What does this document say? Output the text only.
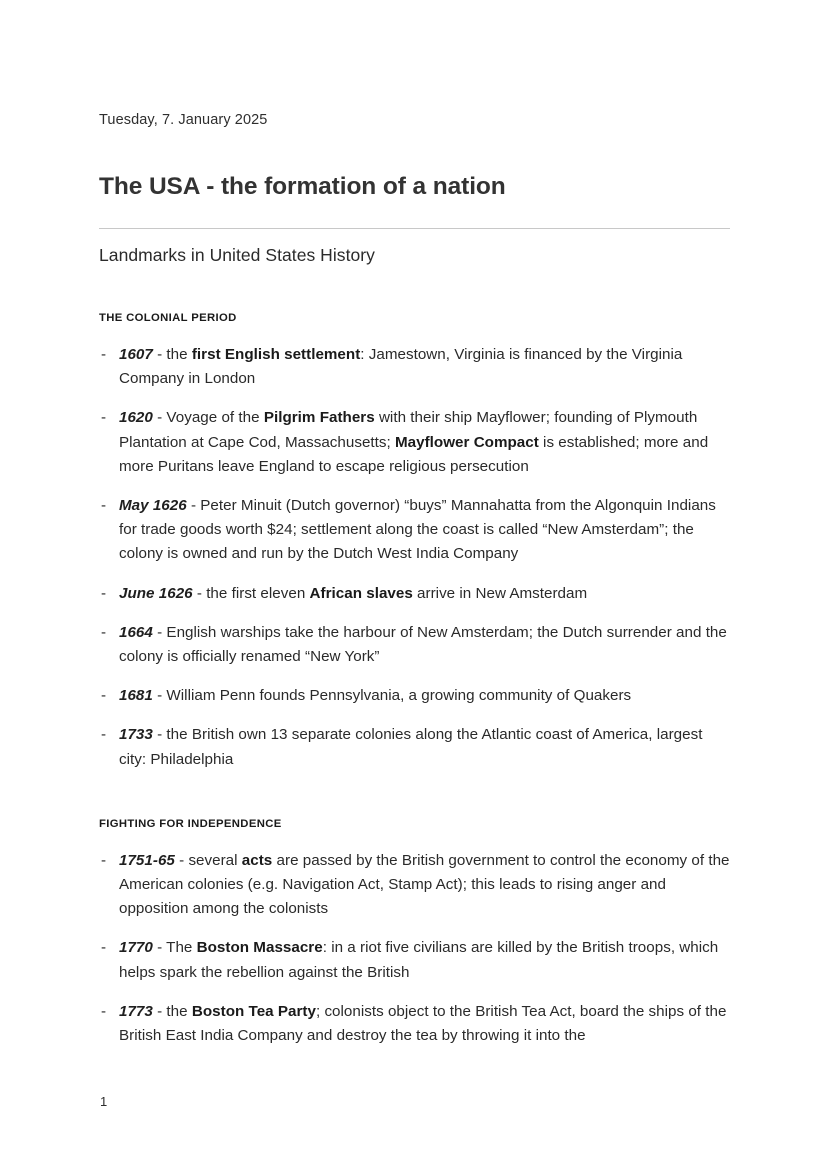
Tuesday, 7. January 2025
The USA - the formation of a nation
Landmarks in United States History
THE COLONIAL PERIOD
- 1607 - the first English settlement: Jamestown, Virginia is financed by the Virginia Company in London
- 1620 - Voyage of the Pilgrim Fathers with their ship Mayflower; founding of Plymouth Plantation at Cape Cod, Massachusetts; Mayflower Compact is established; more and more Puritans leave England to escape religious persecution
- May 1626 - Peter Minuit (Dutch governor) “buys” Mannahatta from the Algonquin Indians for trade goods worth $24; settlement along the coast is called “New Amsterdam”; the colony is owned and run by the Dutch West India Company
- June 1626 - the first eleven African slaves arrive in New Amsterdam
- 1664 - English warships take the harbour of New Amsterdam; the Dutch surrender and the colony is officially renamed “New York”
- 1681 - William Penn founds Pennsylvania, a growing community of Quakers
- 1733 - the British own 13 separate colonies along the Atlantic coast of America, largest city: Philadelphia
FIGHTING FOR INDEPENDENCE
- 1751-65 - several acts are passed by the British government to control the economy of the American colonies (e.g. Navigation Act, Stamp Act); this leads to rising anger and opposition among the colonists
- 1770 - The Boston Massacre: in a riot five civilians are killed by the British troops, which helps spark the rebellion against the British
- 1773 - the Boston Tea Party; colonists object to the British Tea Act, board the ships of the British East India Company and destroy the tea by throwing it into the
1
